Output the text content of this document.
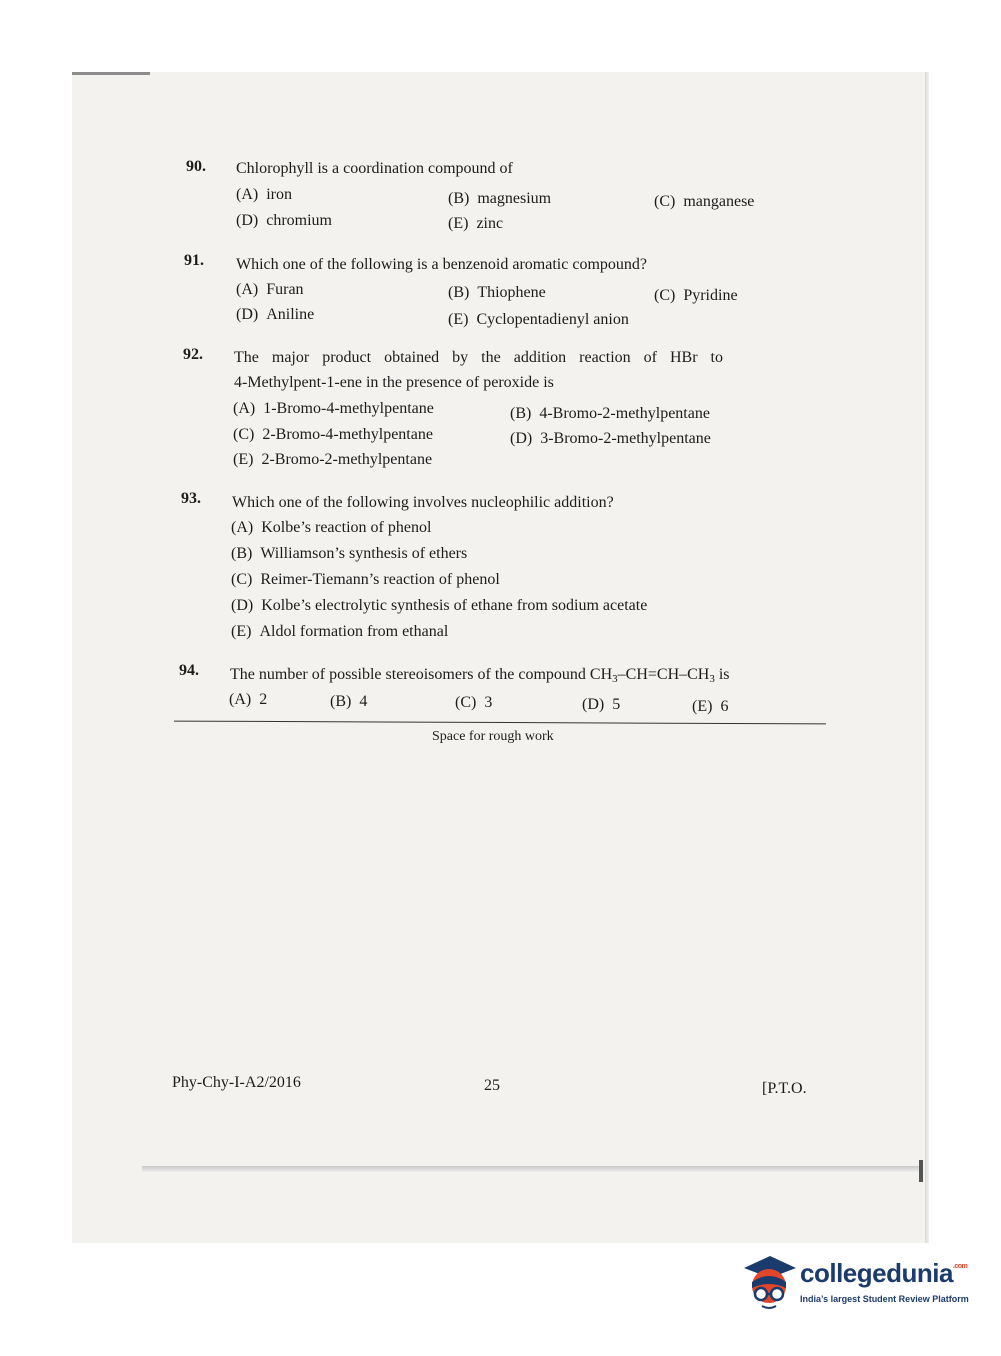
90. Chlorophyll is a coordination compound of
(A) iron	(B) magnesium	(C) manganese
(D) chromium	(E) zinc
91. Which one of the following is a benzenoid aromatic compound?
(A) Furan	(B) Thiophene	(C) Pyridine
(D) Aniline	(E) Cyclopentadienyl anion
92. The major product obtained by the addition reaction of HBr to
4-Methylpent-1-ene in the presence of peroxide is
(A) 1-Bromo-4-methylpentane	(B) 4-Bromo-2-methylpentane
(C) 2-Bromo-4-methylpentane	(D) 3-Bromo-2-methylpentane
(E) 2-Bromo-2-methylpentane
93. Which one of the following involves nucleophilic addition?
(A) Kolbe’s reaction of phenol
(B) Williamson’s synthesis of ethers
(C) Reimer-Tiemann’s reaction of phenol
(D) Kolbe’s electrolytic synthesis of ethane from sodium acetate
(E) Aldol formation from ethanal
94. The number of possible stereoisomers of the compound $CH_3-CH=CH-CH_3$ is
(A) 2	(B) 4	(C) 3	(D) 5	(E) 6
Space for rough work
Phy-Chy-I-A2/2016	25	[P.T.O.
collegedunia$^{.com}$
India’s largest Student Review Platform
